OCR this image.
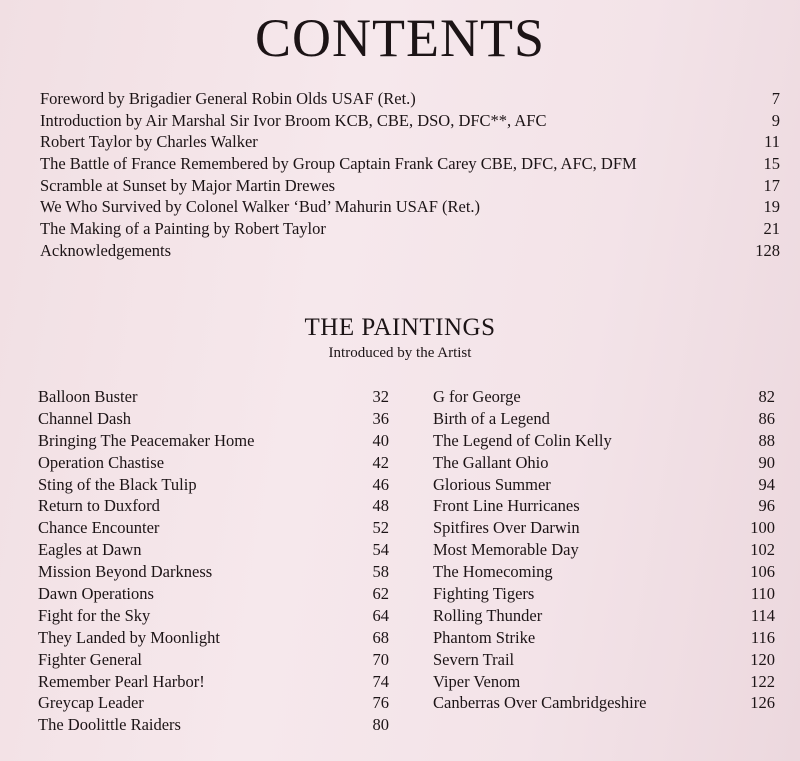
CONTENTS
Foreword by Brigadier General Robin Olds USAF (Ret.)	7
Introduction by Air Marshal Sir Ivor Broom KCB, CBE, DSO, DFC**, AFC	9
Robert Taylor by Charles Walker	11
The Battle of France Remembered by Group Captain Frank Carey CBE, DFC, AFC, DFM	15
Scramble at Sunset by Major Martin Drewes	17
We Who Survived by Colonel Walker ‘Bud’ Mahurin USAF (Ret.)	19
The Making of a Painting by Robert Taylor	21
Acknowledgements	128
THE PAINTINGS
Introduced by the Artist
Balloon Buster	32
Channel Dash	36
Bringing The Peacemaker Home	40
Operation Chastise	42
Sting of the Black Tulip	46
Return to Duxford	48
Chance Encounter	52
Eagles at Dawn	54
Mission Beyond Darkness	58
Dawn Operations	62
Fight for the Sky	64
They Landed by Moonlight	68
Fighter General	70
Remember Pearl Harbor!	74
Greycap Leader	76
The Doolittle Raiders	80
G for George	82
Birth of a Legend	86
The Legend of Colin Kelly	88
The Gallant Ohio	90
Glorious Summer	94
Front Line Hurricanes	96
Spitfires Over Darwin	100
Most Memorable Day	102
The Homecoming	106
Fighting Tigers	110
Rolling Thunder	114
Phantom Strike	116
Severn Trail	120
Viper Venom	122
Canberras Over Cambridgeshire	126
